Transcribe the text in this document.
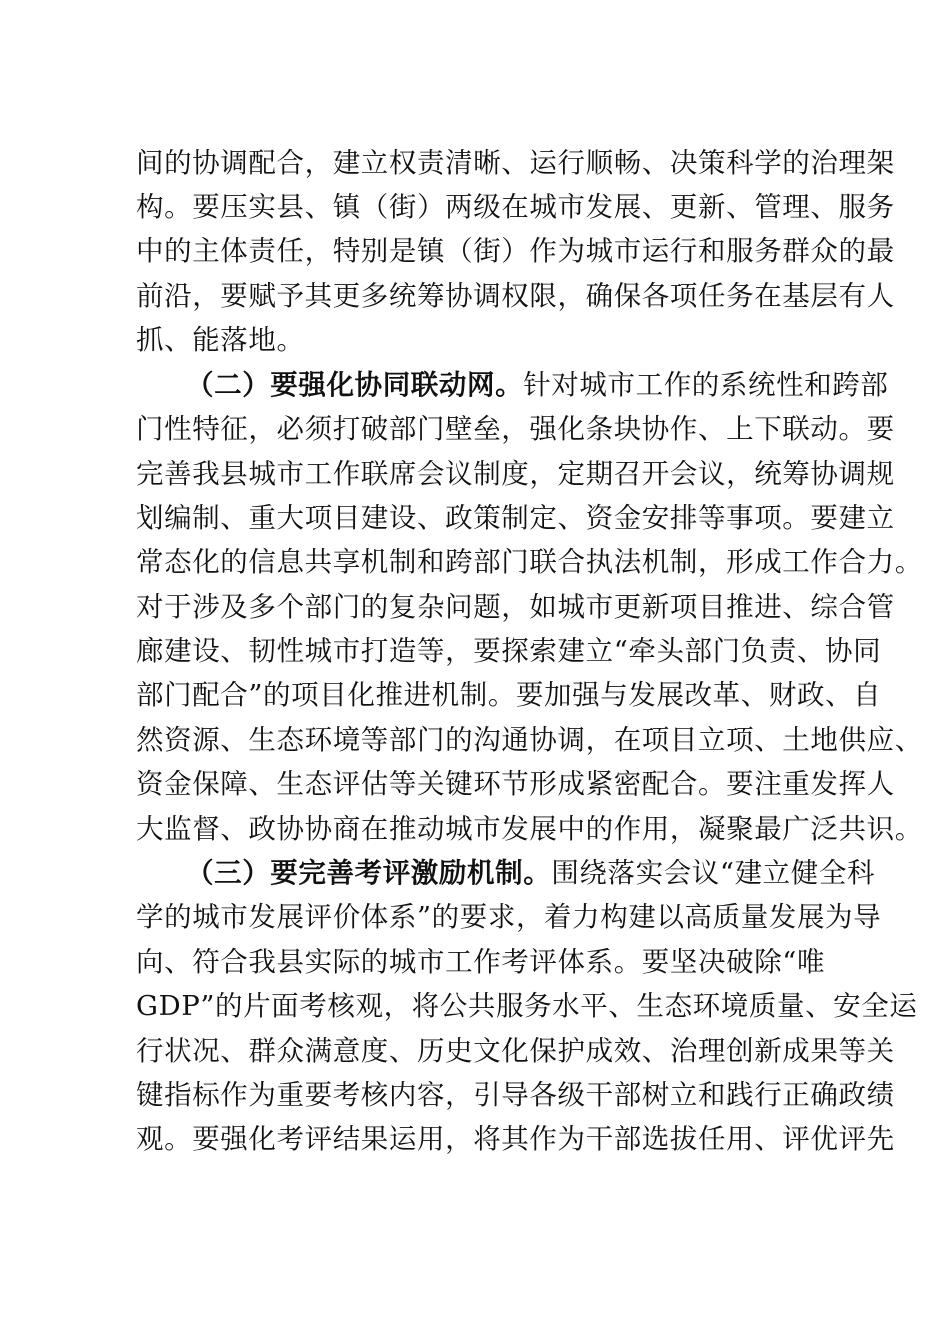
间的协调配合，建立权责清晰、运行顺畅、决策科学的治理架
构。要压实县、镇（街）两级在城市发展、更新、管理、服务
中的主体责任，特别是镇（街）作为城市运行和服务群众的最
前沿，要赋予其更多统筹协调权限，确保各项任务在基层有人
抓、能落地。
（二）要强化协同联动网。针对城市工作的系统性和跨部
门性特征，必须打破部门壁垒，强化条块协作、上下联动。要
完善我县城市工作联席会议制度，定期召开会议，统筹协调规
划编制、重大项目建设、政策制定、资金安排等事项。要建立
常态化的信息共享机制和跨部门联合执法机制，形成工作合力。
对于涉及多个部门的复杂问题，如城市更新项目推进、综合管
廊建设、韧性城市打造等，要探索建立“牵头部门负责、协同
部门配合”的项目化推进机制。要加强与发展改革、财政、自
然资源、生态环境等部门的沟通协调，在项目立项、土地供应、
资金保障、生态评估等关键环节形成紧密配合。要注重发挥人
大监督、政协协商在推动城市发展中的作用，凝聚最广泛共识。
（三）要完善考评激励机制。围绕落实会议“建立健全科
学的城市发展评价体系”的要求，着力构建以高质量发展为导
向、符合我县实际的城市工作考评体系。要坚决破除“唯
GDP”的片面考核观，将公共服务水平、生态环境质量、安全运
行状况、群众满意度、历史文化保护成效、治理创新成果等关
键指标作为重要考核内容，引导各级干部树立和践行正确政绩
观。要强化考评结果运用，将其作为干部选拔任用、评优评先
